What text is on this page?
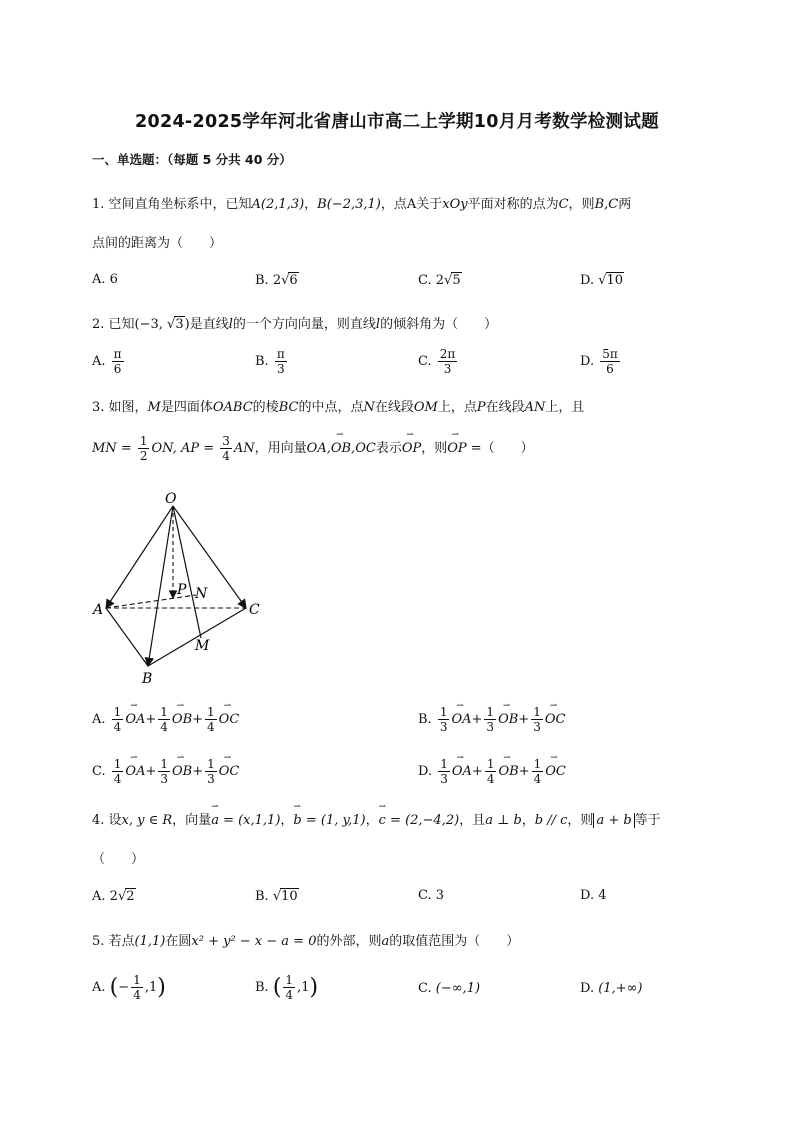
2024-2025学年河北省唐山市高二上学期10月月考数学检测试题
一、单选题：（每题 5 分共 40 分）
1. 空间直角坐标系中，已知A(2,1,3)，B(−2,3,1)，点A关于xOy平面对称的点为C，则B,C两
点间的距离为（　　）
A. 6	B. 2√6	C. 2√5	D. √10
2. 已知(−3, √3)是直线l的一个方向向量，则直线l的倾斜角为（　　）
A. $\frac{\pi}{6}$	B. $\frac{\pi}{3}$	C. $\frac{2\pi}{3}$	D. $\frac{5\pi}{6}$
3. 如图，M是四面体OABC的棱BC的中点，点N在线段OM上，点P在线段AN上，且
MN = $\frac{1}{2}$ ON, AP = $\frac{3}{4}$ AN，用向量⇀ OA,OB,OC表示⇀ OP，则⇀ OP =（　　）
O
A
B
C
M
N
P
A. $\frac{1}{4}$ ⇀ $OA+ \frac{1}{4}$ ⇀ $OB+ \frac{1}{4}$ ⇀ OC	B. $\frac{1}{3}$ ⇀ $OA+ \frac{1}{3}$ ⇀ $OB+ \frac{1}{3}$ ⇀ OC
C. $\frac{1}{4}$ ⇀ $OA+ \frac{1}{3}$ ⇀ $OB+ \frac{1}{3}$ ⇀ OC	D. $\frac{1}{3}$ ⇀ $OA+ \frac{1}{4}$ ⇀ $OB+ \frac{1}{4}$ ⇀ OC
4. 设x, y ∈ R，向量⇀ a = (x,1,1)，⇀ b = (1, y,1)，⇀ c = (2,−4,2)，且a ⊥ b，b // c，则 a + b 等于
（　　）
A. 2√2	B. √10	C. 3	D. 4
5. 若点(1,1)在圆x² + y² − x − a = 0的外部，则a的取值范围为（　　）
A. (− $\frac{1}{4} ,1$)	B. ( $\frac{1}{4} ,1$)	C. (−∞,1)	D. (1,+∞)
